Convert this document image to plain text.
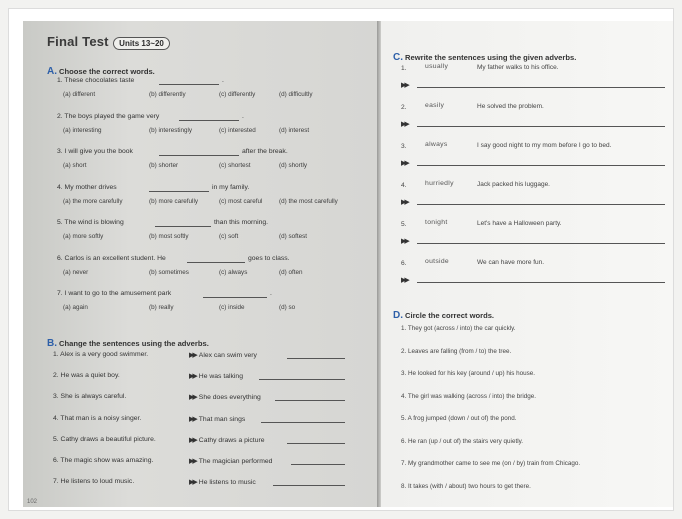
Final Test Units 13~20
A. Choose the correct words.
1. These chocolates taste	.
(a) different	(b) differently	(c) differently	(d) difficultly
2. The boys played the game very	.
(a) interesting	(b) interestingly	(c) interested	(d) interest
3. I will give you the book	after the break.
(a) short	(b) shorter	(c) shortest	(d) shortly
4. My mother drives	in my family.
(a) the more carefully	(b) more carefully	(c) most careful	(d) the most carefully
5. The wind is blowing	than this morning.
(a) more softly	(b) most softly	(c) soft	(d) softest
6. Carlos is an excellent student. He	goes to class.
(a) never	(b) sometimes	(c) always	(d) often
7. I want to go to the amusement park	.
(a) again	(b) really	(c) inside	(d) so
B. Change the sentences using the adverbs.
1. Alex is a very good swimmer.	▶▶ Alex can swim very
2. He was a quiet boy.	▶▶ He was talking
3. She is always careful.	▶▶ She does everything
4. That man is a noisy singer.	▶▶ That man sings
5. Cathy draws a beautiful picture.	▶▶ Cathy draws a picture
6. The magic show was amazing.	▶▶ The magician performed
7. He listens to loud music.	▶▶ He listens to music
102
C. Rewrite the sentences using the given adverbs.
1.	usually	My father walks to his office.
▶▶
2.	easily	He solved the problem.
▶▶
3.	always	I say good night to my mom before I go to bed.
▶▶
4.	hurriedly	Jack packed his luggage.
▶▶
5.	tonight	Let's have a Halloween party.
▶▶
6.	outside	We can have more fun.
▶▶
D. Circle the correct words.
1. They got (across / into) the car quickly.
2. Leaves are falling (from / to) the tree.
3. He looked for his key (around / up) his house.
4. The girl was walking (across / into) the bridge.
5. A frog jumped (down / out of) the pond.
6. He ran (up / out of) the stairs very quietly.
7. My grandmother came to see me (on / by) train from Chicago.
8. It takes (with / about) two hours to get there.
